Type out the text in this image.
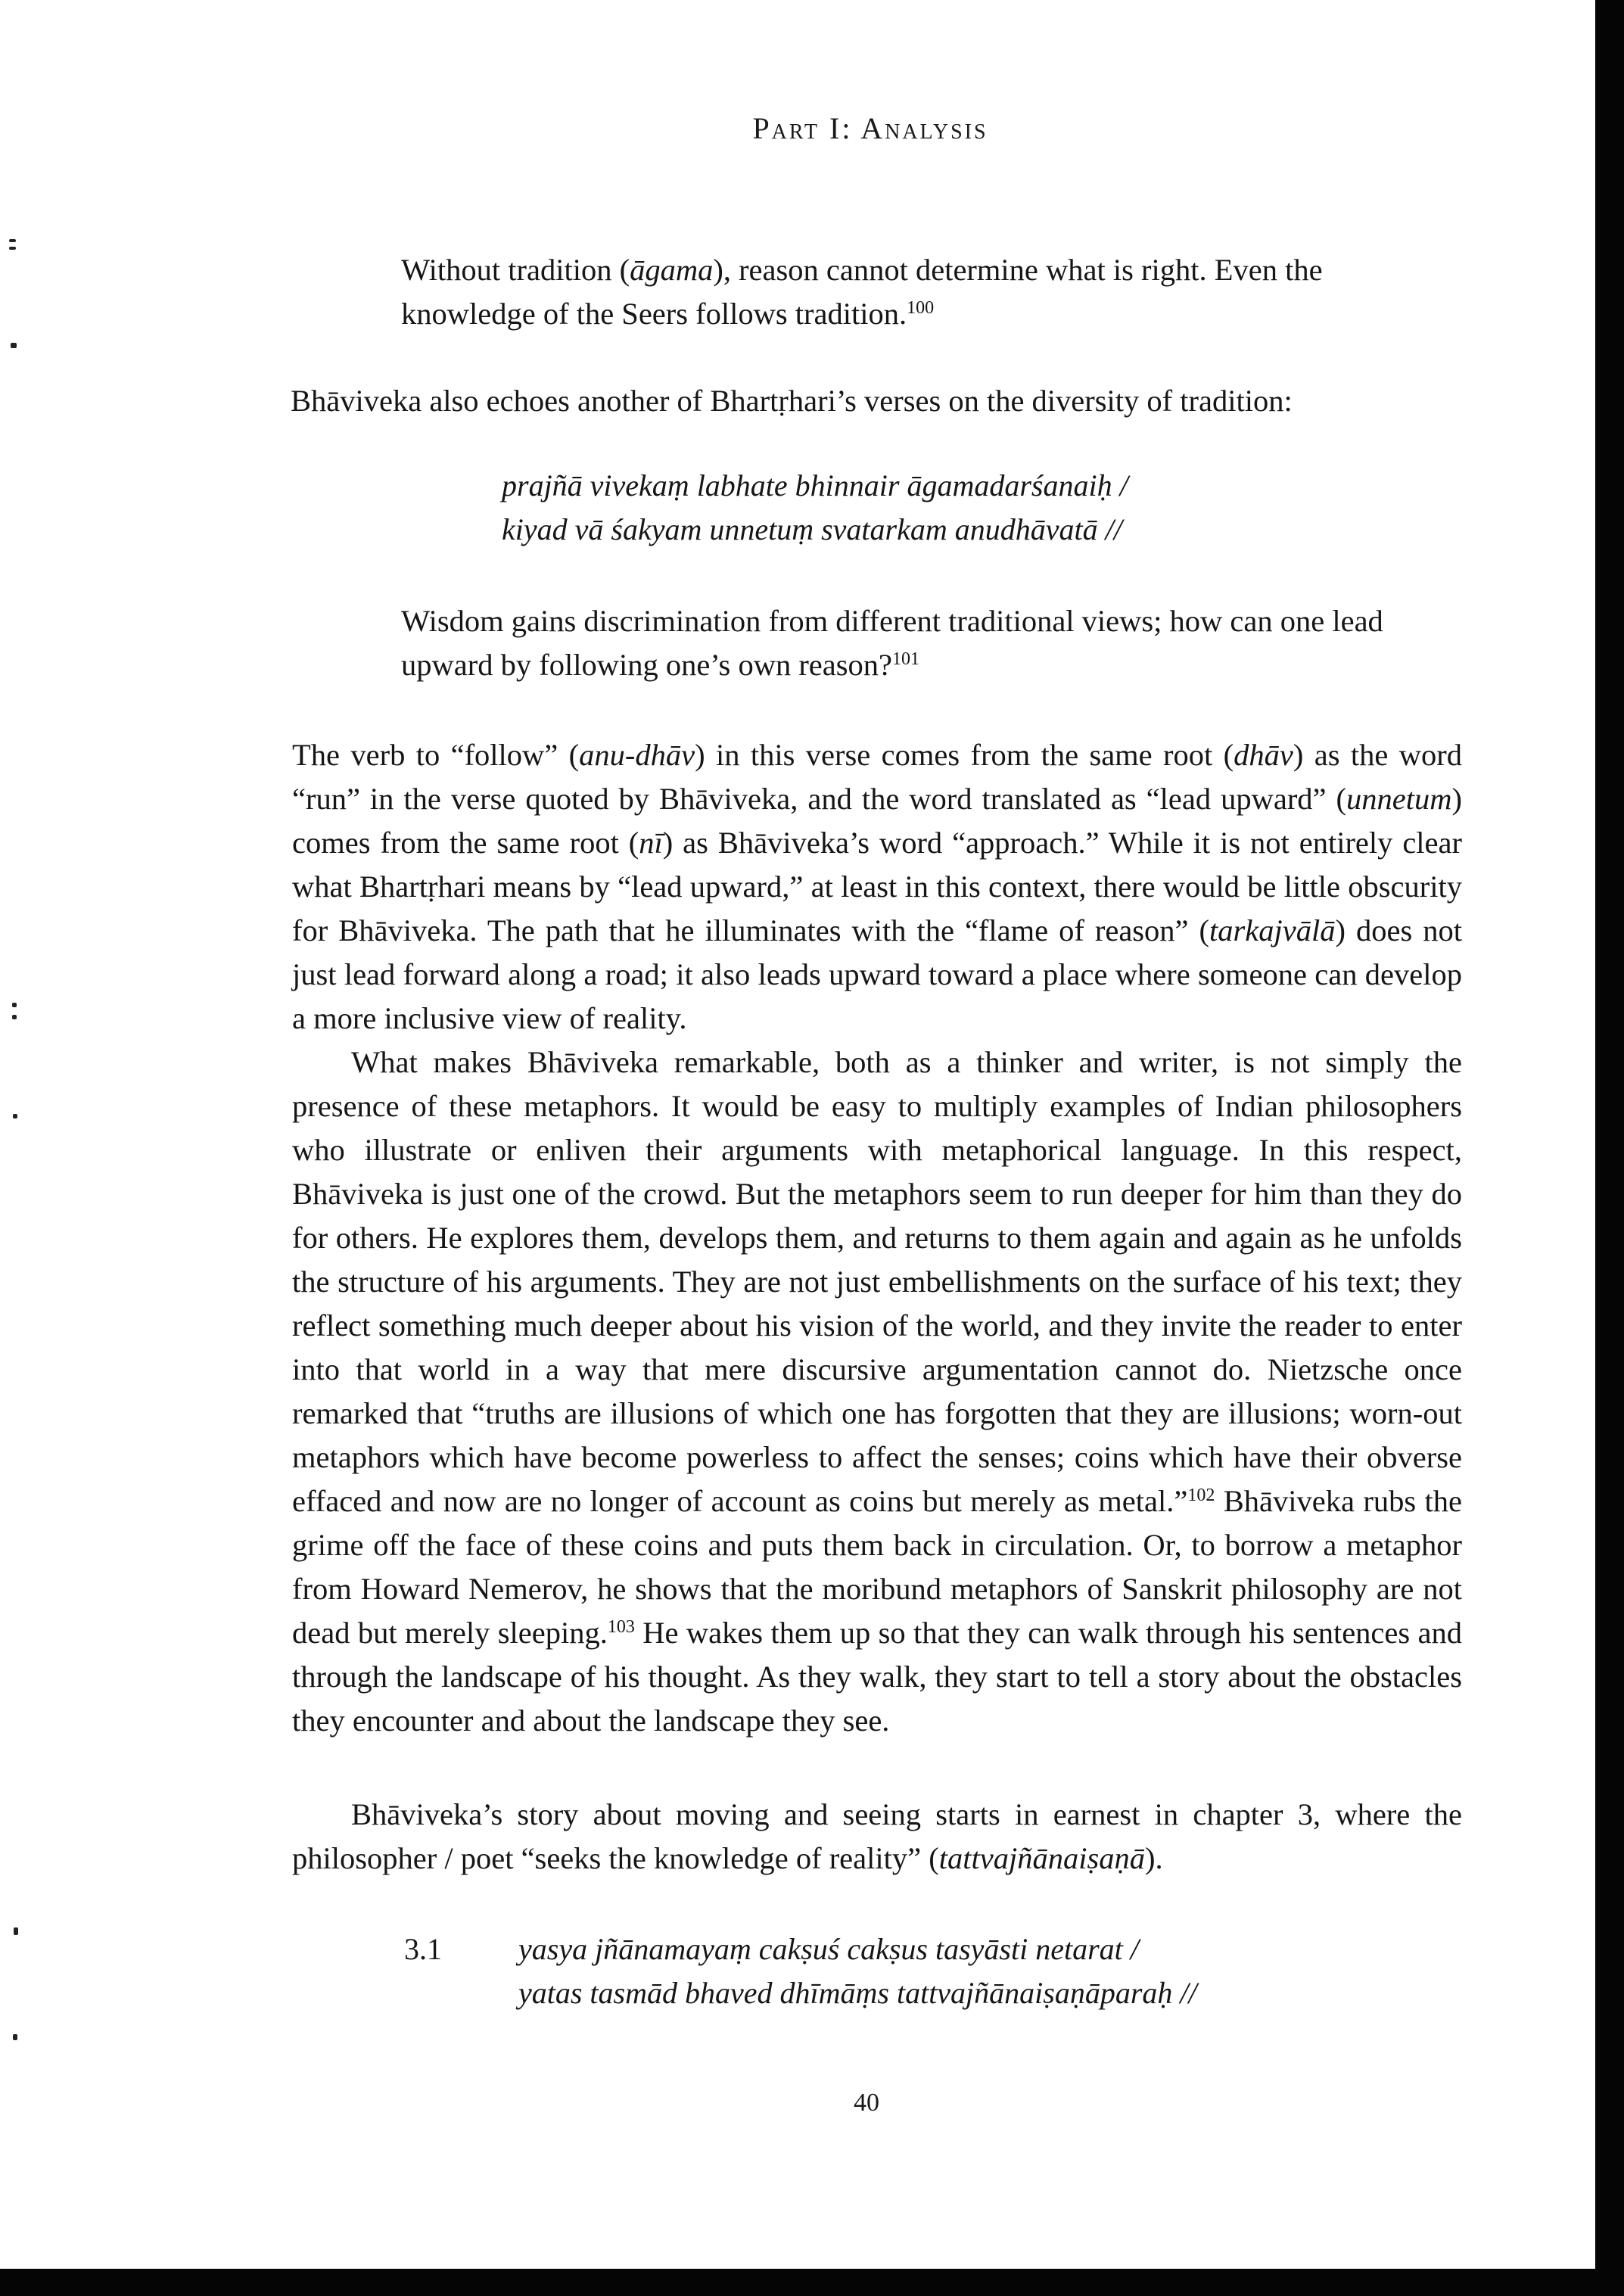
Part I: Analysis
Without tradition (āgama), reason cannot determine what is right. Even the knowledge of the Seers follows tradition.$^{100}$
Bhāviveka also echoes another of Bhartṛhari’s verses on the diversity of tradition:
prajñā vivekaṃ labhate bhinnair āgamadarśanaiḥ /
kiyad vā śakyam unnetuṃ svatarkam anudhāvatā //
Wisdom gains discrimination from different traditional views; how can one lead upward by following one’s own reason?$^{101}$
The verb to “follow” (anu-dhāv) in this verse comes from the same root (dhāv) as the word “run” in the verse quoted by Bhāviveka, and the word translated as “lead upward” (unnetum) comes from the same root (nī) as Bhāviveka’s word “approach.” While it is not entirely clear what Bhartṛhari means by “lead upward,” at least in this context, there would be little obscurity for Bhāviveka. The path that he illuminates with the “flame of reason” (tarkajvālā) does not just lead forward along a road; it also leads upward toward a place where someone can develop a more inclusive view of reality.
What makes Bhāviveka remarkable, both as a thinker and writer, is not simply the presence of these metaphors. It would be easy to multiply examples of Indian philosophers who illustrate or enliven their arguments with metaphorical language. In this respect, Bhāviveka is just one of the crowd. But the metaphors seem to run deeper for him than they do for others. He explores them, develops them, and returns to them again and again as he unfolds the structure of his arguments. They are not just embellishments on the surface of his text; they reflect something much deeper about his vision of the world, and they invite the reader to enter into that world in a way that mere discursive argumentation cannot do. Nietzsche once remarked that “truths are illusions of which one has forgotten that they are illusions; worn-out metaphors which have become powerless to affect the senses; coins which have their obverse effaced and now are no longer of account as coins but merely as metal.”$^{102}$ Bhāviveka rubs the grime off the face of these coins and puts them back in circulation. Or, to borrow a metaphor from Howard Nemerov, he shows that the moribund metaphors of Sanskrit philosophy are not dead but merely sleeping.$^{103}$ He wakes them up so that they can walk through his sentences and through the landscape of his thought. As they walk, they start to tell a story about the obstacles they encounter and about the landscape they see.
Bhāviveka’s story about moving and seeing starts in earnest in chapter 3, where the philosopher / poet “seeks the knowledge of reality” (tattvajñānaiṣaṇā).
3.1	yasya jñānamayaṃ cakṣuś cakṣus tasyāsti netarat /
yatas tasmād bhaved dhīmāṃs tattvajñānaiṣaṇāparaḥ //
40
